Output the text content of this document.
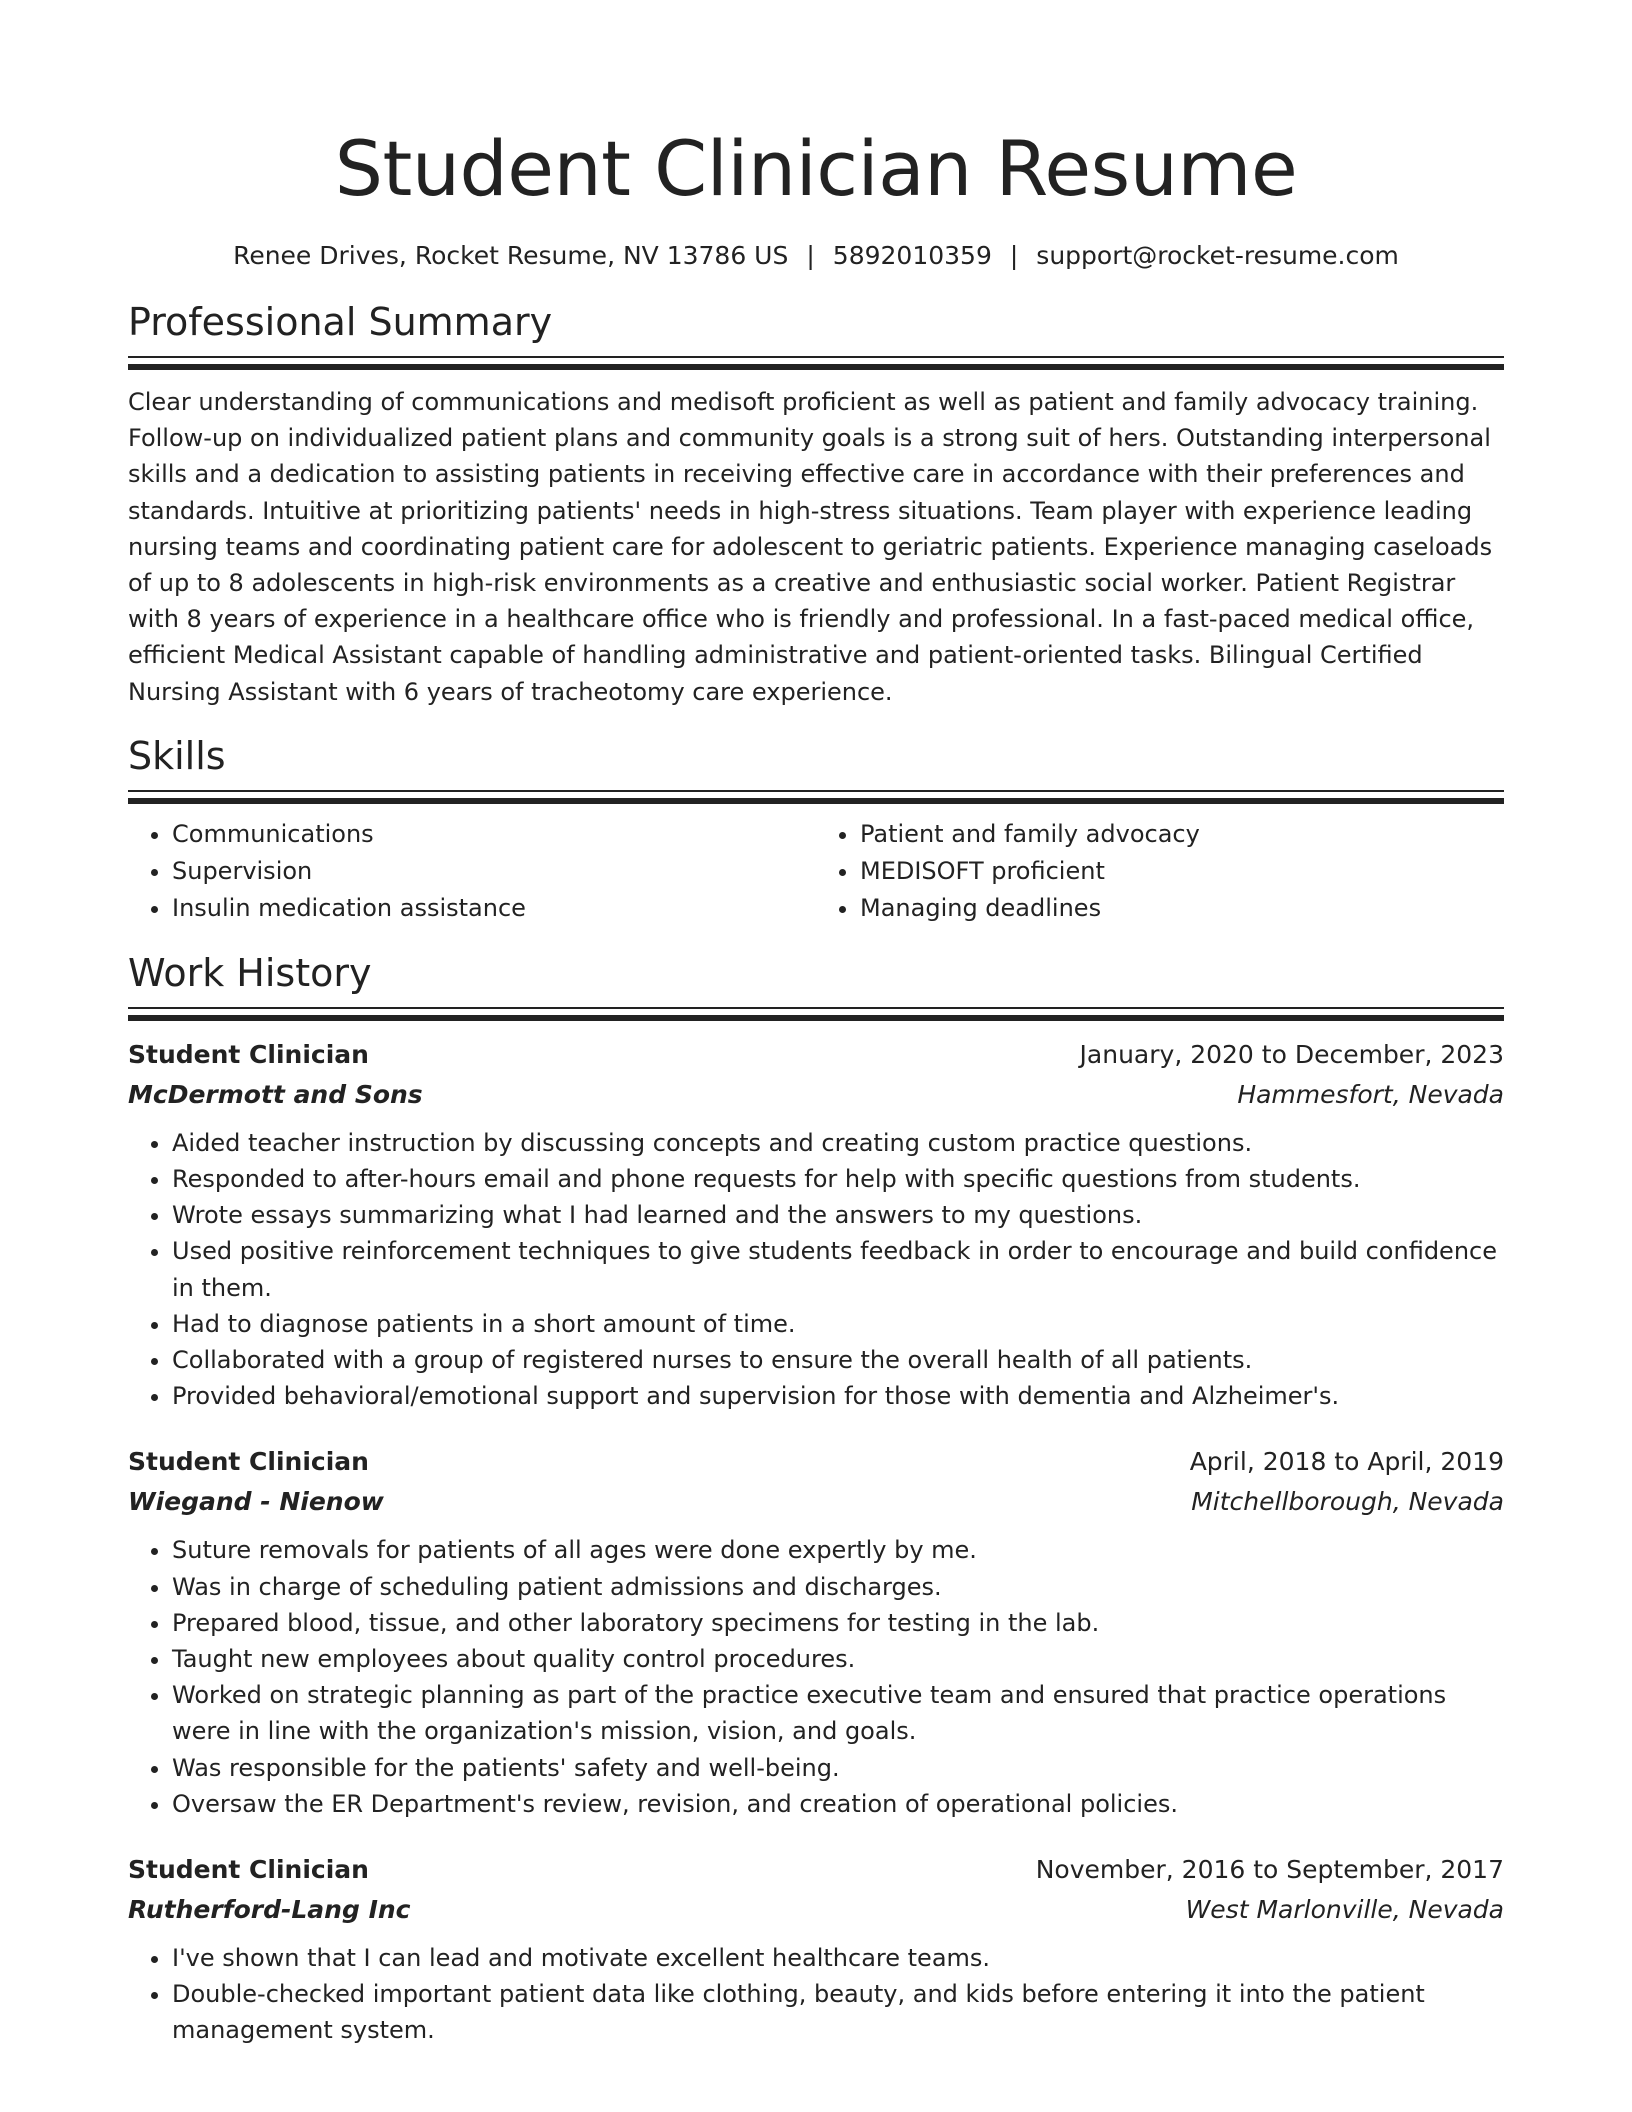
Student Clinician Resume
Renee Drives, Rocket Resume, NV 13786 US | 5892010359 | support@rocket-resume.com
Professional Summary

Clear understanding of communications and medisoft proficient as well as patient and family advocacy training. Follow-up on individualized patient plans and community goals is a strong suit of hers. Outstanding interpersonal skills and a dedication to assisting patients in receiving effective care in accordance with their preferences and standards. Intuitive at prioritizing patients' needs in high-stress situations. Team player with experience leading nursing teams and coordinating patient care for adolescent to geriatric patients. Experience managing caseloads of up to 8 adolescents in high-risk environments as a creative and enthusiastic social worker. Patient Registrar with 8 years of experience in a healthcare office who is friendly and professional. In a fast-paced medical office, efficient Medical Assistant capable of handling administrative and patient-oriented tasks. Bilingual Certified Nursing Assistant with 6 years of tracheotomy care experience.

Skills
• Communications
• Supervision
• Insulin medication assistance
• Patient and family advocacy
• MEDISOFT proficient
• Managing deadlines
Work History
Student Clinician	January, 2020 to December, 2023
McDermott and Sons	Hammesfort, Nevada
• Aided teacher instruction by discussing concepts and creating custom practice questions.
• Responded to after-hours email and phone requests for help with specific questions from students.
• Wrote essays summarizing what I had learned and the answers to my questions.
• Used positive reinforcement techniques to give students feedback in order to encourage and build confidence in them.
• Had to diagnose patients in a short amount of time.
• Collaborated with a group of registered nurses to ensure the overall health of all patients.
• Provided behavioral/emotional support and supervision for those with dementia and Alzheimer's.
Student Clinician	April, 2018 to April, 2019
Wiegand - Nienow	Mitchellborough, Nevada
• Suture removals for patients of all ages were done expertly by me.
• Was in charge of scheduling patient admissions and discharges.
• Prepared blood, tissue, and other laboratory specimens for testing in the lab.
• Taught new employees about quality control procedures.
• Worked on strategic planning as part of the practice executive team and ensured that practice operations were in line with the organization's mission, vision, and goals.
• Was responsible for the patients' safety and well-being.
• Oversaw the ER Department's review, revision, and creation of operational policies.
Student Clinician	November, 2016 to September, 2017
Rutherford-Lang Inc	West Marlonville, Nevada
• I've shown that I can lead and motivate excellent healthcare teams.
• Double-checked important patient data like clothing, beauty, and kids before entering it into the patient management system.
